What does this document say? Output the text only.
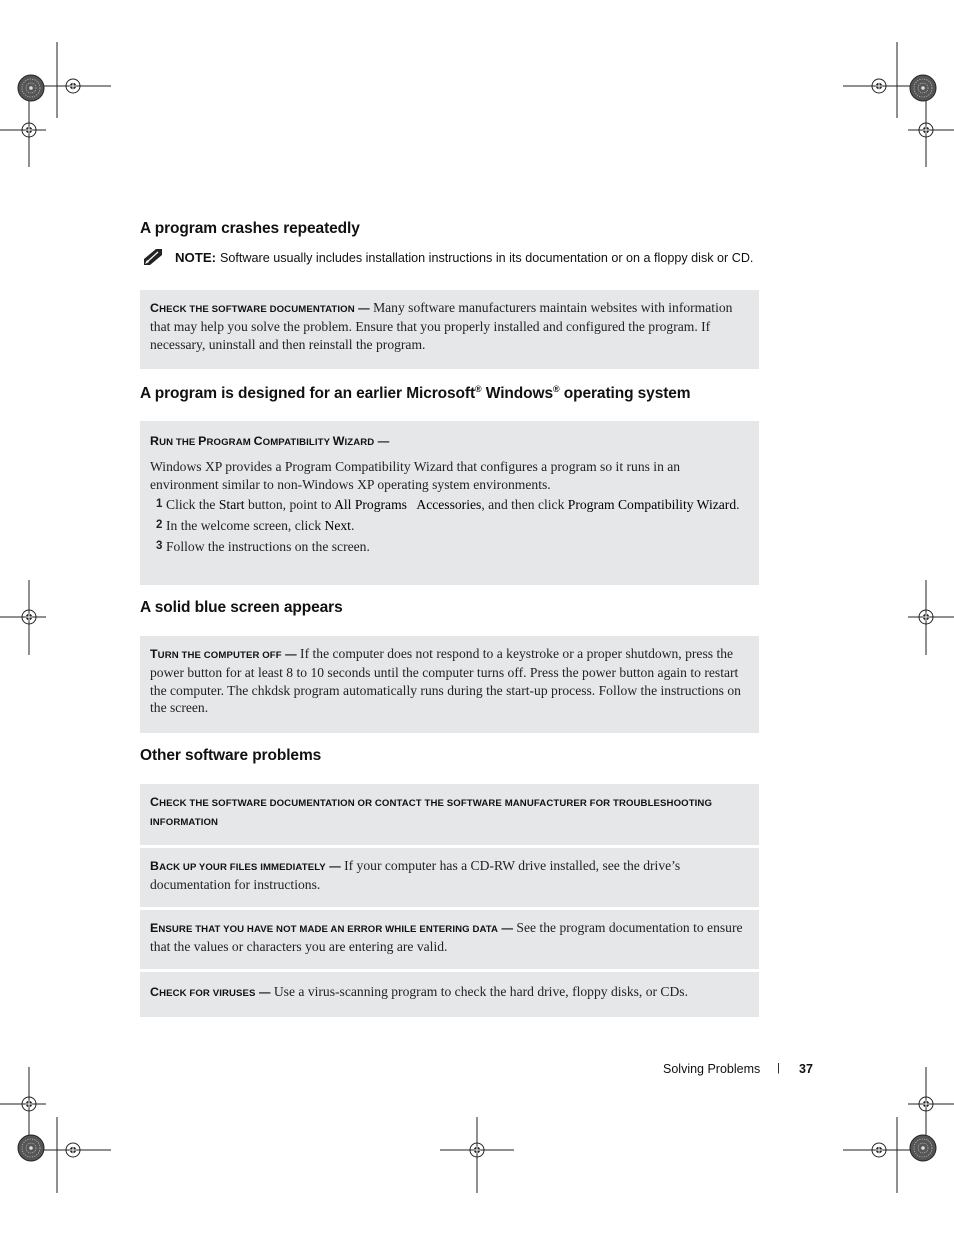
A program crashes repeatedly
NOTE: Software usually includes installation instructions in its documentation or on a floppy disk or CD.
CHECK THE SOFTWARE DOCUMENTATION — Many software manufacturers maintain websites with information that may help you solve the problem. Ensure that you properly installed and configured the program. If necessary, uninstall and then reinstall the program.
A program is designed for an earlier Microsoft® Windows® operating system
RUN THE PROGRAM COMPATIBILITY WIZARD —
Windows XP provides a Program Compatibility Wizard that configures a program so it runs in an environment similar to non-Windows XP operating system environments.
1 Click the Start button, point to All Programs Accessories, and then click Program Compatibility Wizard.
2 In the welcome screen, click Next.
3 Follow the instructions on the screen.
A solid blue screen appears
TURN THE COMPUTER OFF — If the computer does not respond to a keystroke or a proper shutdown, press the power button for at least 8 to 10 seconds until the computer turns off. Press the power button again to restart the computer. The chkdsk program automatically runs during the start-up process. Follow the instructions on the screen.
Other software problems
CHECK THE SOFTWARE DOCUMENTATION OR CONTACT THE SOFTWARE MANUFACTURER FOR TROUBLESHOOTING INFORMATION
BACK UP YOUR FILES IMMEDIATELY — If your computer has a CD-RW drive installed, see the drive’s documentation for instructions.
ENSURE THAT YOU HAVE NOT MADE AN ERROR WHILE ENTERING DATA — See the program documentation to ensure that the values or characters you are entering are valid.
CHECK FOR VIRUSES — Use a virus-scanning program to check the hard drive, floppy disks, or CDs.
Solving Problems | 37
